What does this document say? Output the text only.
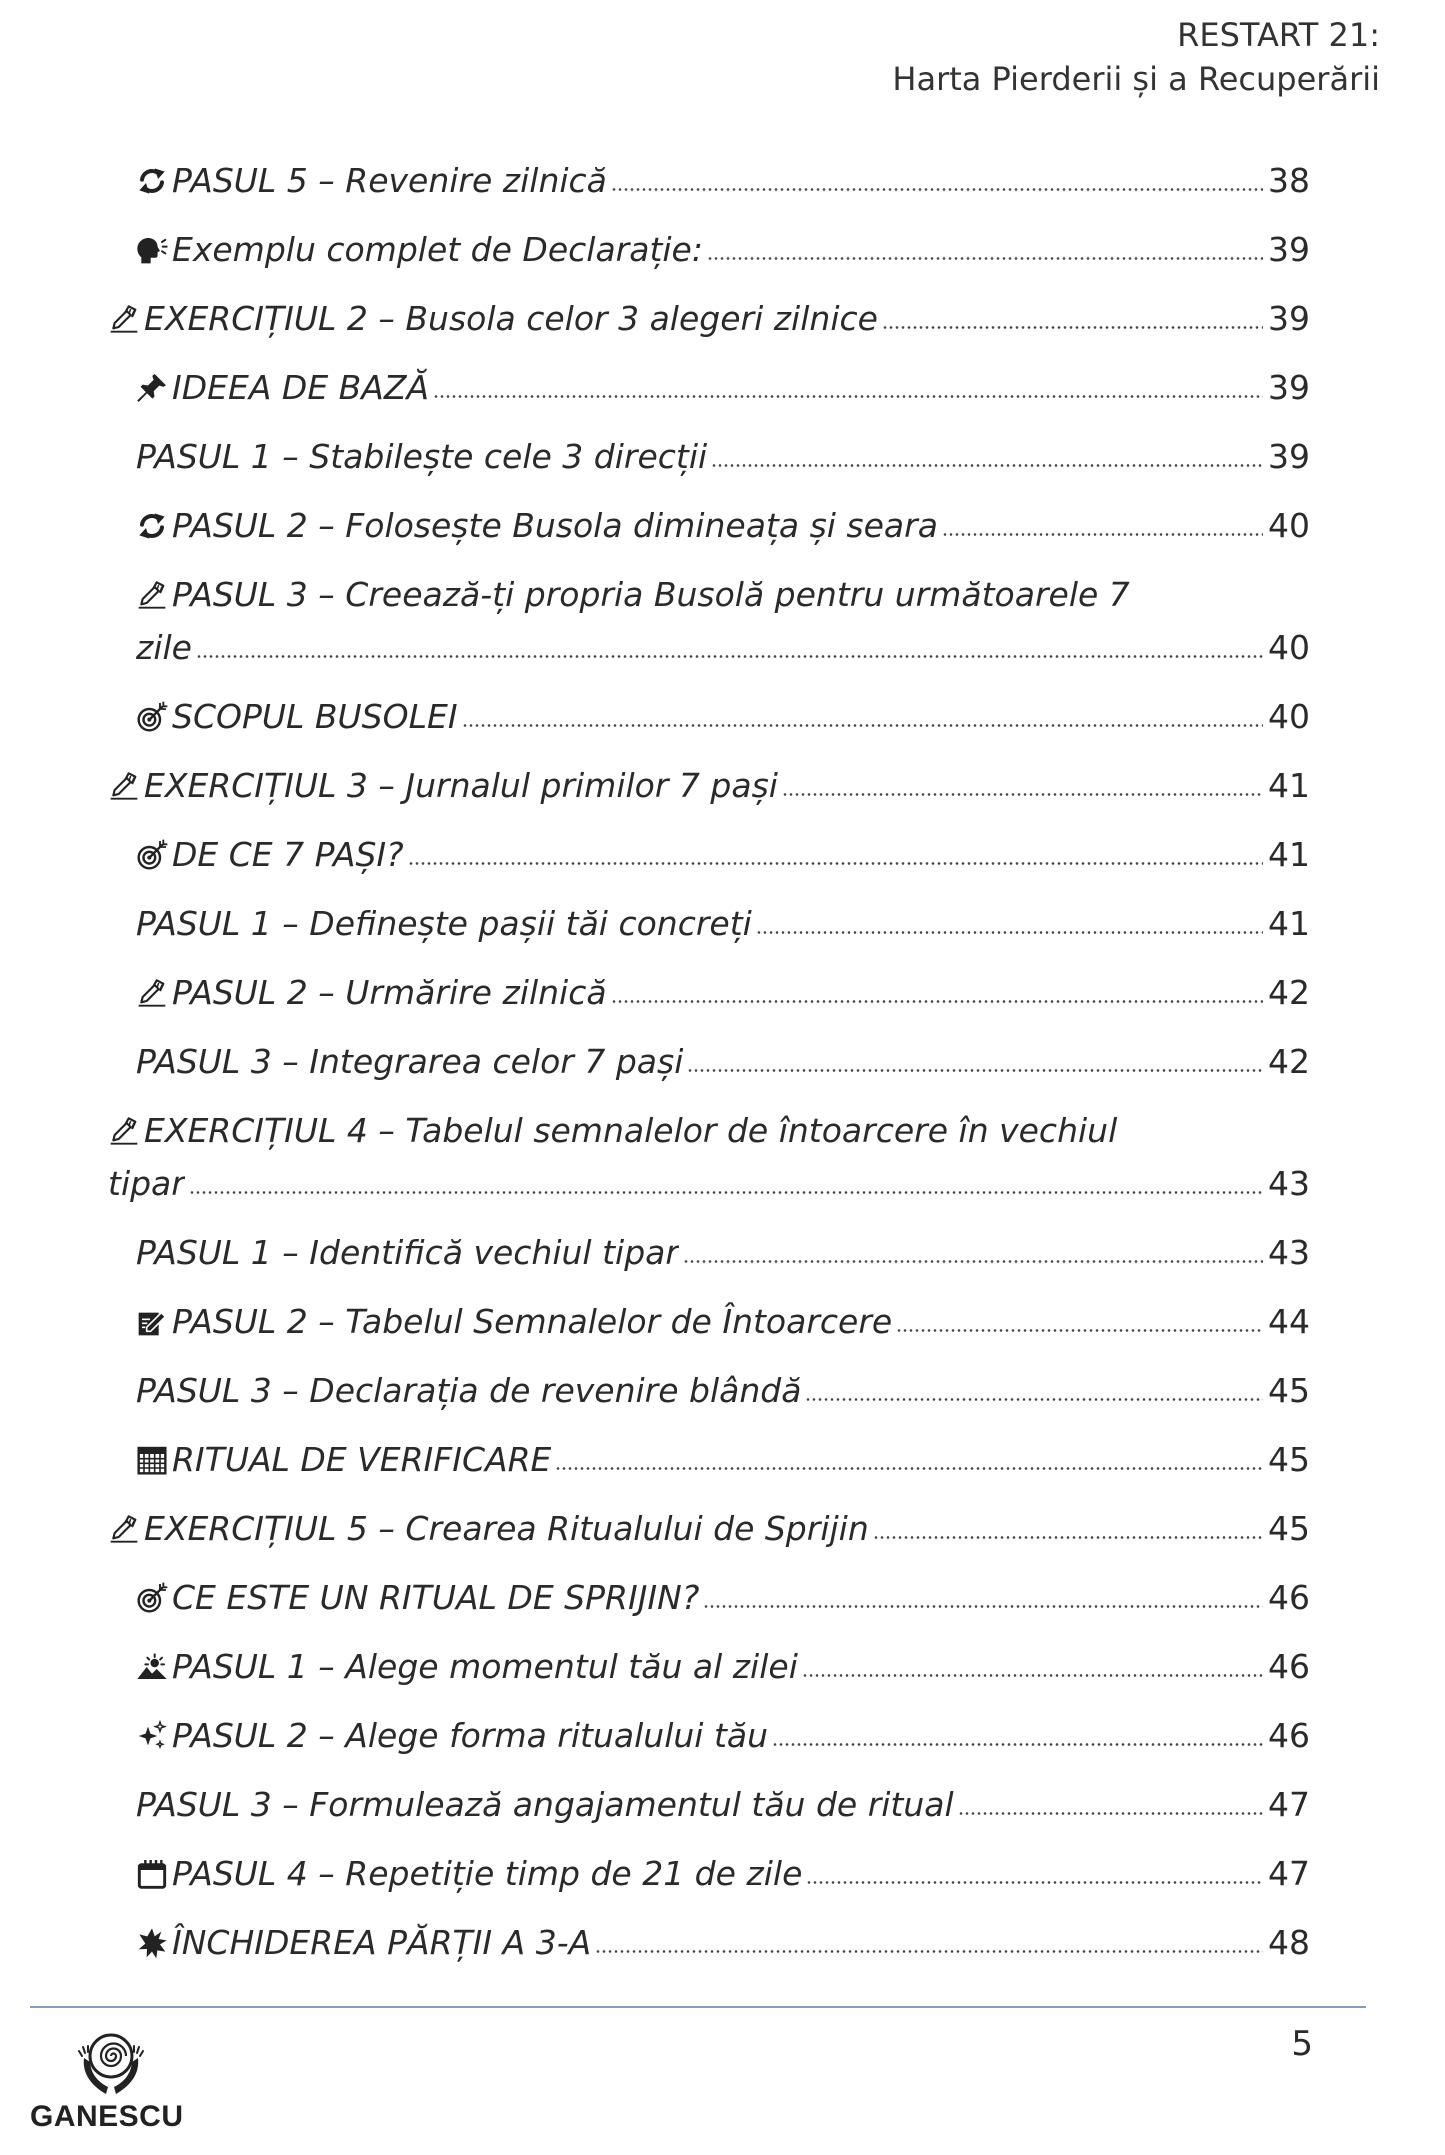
RESTART 21:
Harta Pierderii și a Recuperării
PASUL 5 – Revenire zilnică	38
Exemplu complet de Declarație:	39
EXERCIȚIUL 2 – Busola celor 3 alegeri zilnice	39
IDEEA DE BAZĂ	39
PASUL 1 – Stabilește cele 3 direcții	39
PASUL 2 – Folosește Busola dimineața și seara	40
PASUL 3 – Creează-ți propria Busolă pentru următoarele 7
zile	40
SCOPUL BUSOLEI	40
EXERCIȚIUL 3 – Jurnalul primilor 7 pași	41
DE CE 7 PAȘI?	41
PASUL 1 – Definește pașii tăi concreți	41
PASUL 2 – Urmărire zilnică	42
PASUL 3 – Integrarea celor 7 pași	42
EXERCIȚIUL 4 – Tabelul semnalelor de întoarcere în vechiul
tipar	43
PASUL 1 – Identifică vechiul tipar	43
PASUL 2 – Tabelul Semnalelor de Întoarcere	44
PASUL 3 – Declarația de revenire blândă	45
RITUAL DE VERIFICARE	45
EXERCIȚIUL 5 – Crearea Ritualului de Sprijin	45
CE ESTE UN RITUAL DE SPRIJIN?	46
PASUL 1 – Alege momentul tău al zilei	46
PASUL 2 – Alege forma ritualului tău	46
PASUL 3 – Formulează angajamentul tău de ritual	47
PASUL 4 – Repetiție timp de 21 de zile	47
ÎNCHIDEREA PĂRȚII A 3-A	48
5
GANESCU
